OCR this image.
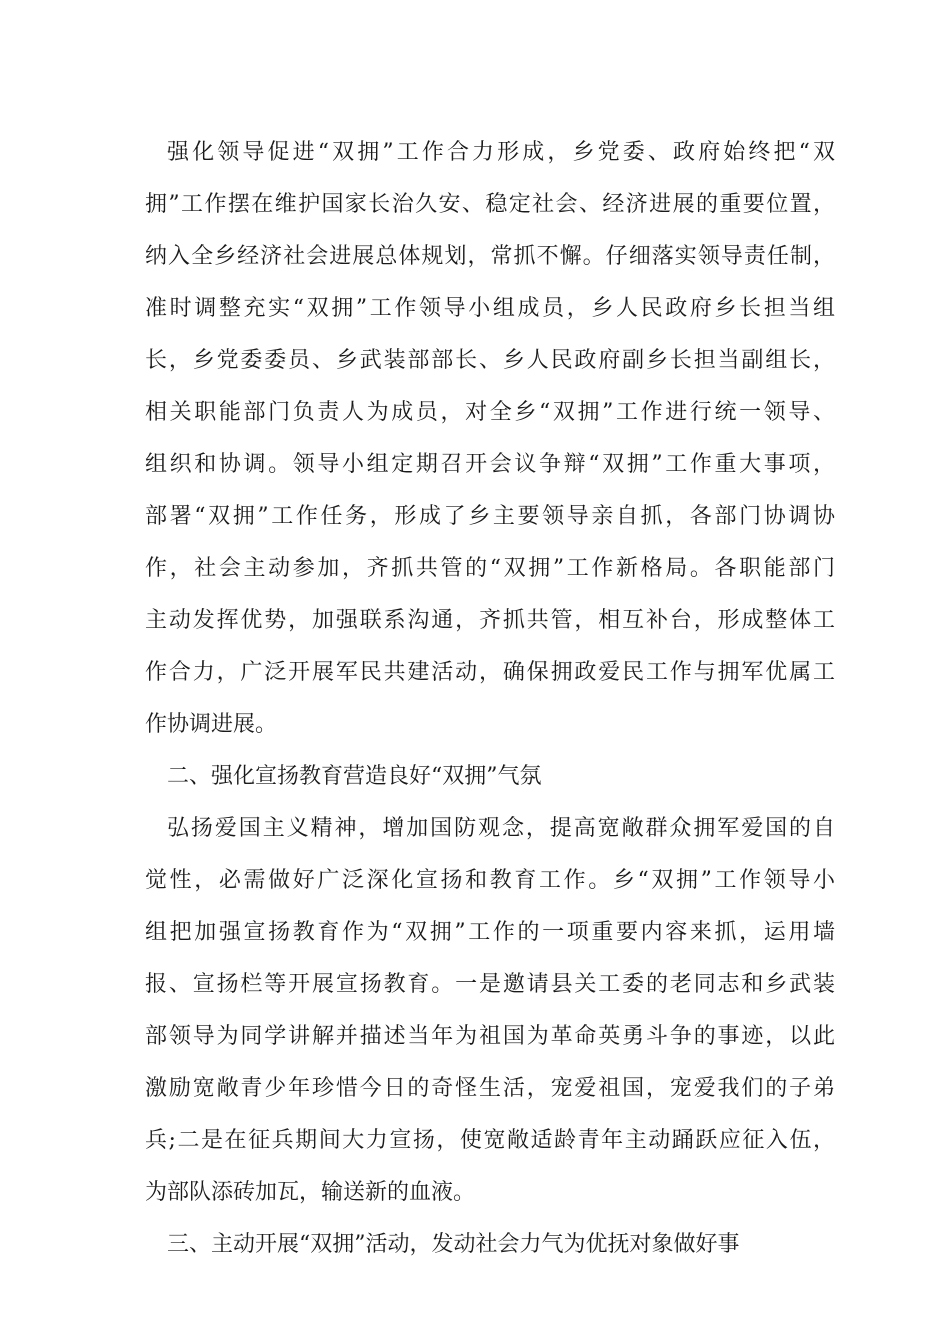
强化领导促进“双拥”工作合力形成，乡党委、政府始终把“双
拥”工作摆在维护国家长治久安、稳定社会、经济进展的重要位置，
纳入全乡经济社会进展总体规划，常抓不懈。仔细落实领导责任制，
准时调整充实“双拥”工作领导小组成员，乡人民政府乡长担当组
长，乡党委委员、乡武装部部长、乡人民政府副乡长担当副组长，
相关职能部门负责人为成员，对全乡“双拥”工作进行统一领导、
组织和协调。领导小组定期召开会议争辩“双拥”工作重大事项，
部署“双拥”工作任务，形成了乡主要领导亲自抓，各部门协调协
作，社会主动参加，齐抓共管的“双拥”工作新格局。各职能部门
主动发挥优势，加强联系沟通，齐抓共管，相互补台，形成整体工
作合力，广泛开展军民共建活动，确保拥政爱民工作与拥军优属工
作协调进展。
二、强化宣扬教育营造良好“双拥”气氛
弘扬爱国主义精神，增加国防观念，提高宽敞群众拥军爱国的自
觉性，必需做好广泛深化宣扬和教育工作。乡“双拥”工作领导小
组把加强宣扬教育作为“双拥”工作的一项重要内容来抓，运用墙
报、宣扬栏等开展宣扬教育。一是邀请县关工委的老同志和乡武装
部领导为同学讲解并描述当年为祖国为革命英勇斗争的事迹，以此
激励宽敞青少年珍惜今日的奇怪生活，宠爱祖国，宠爱我们的子弟
兵;二是在征兵期间大力宣扬，使宽敞适龄青年主动踊跃应征入伍，
为部队添砖加瓦，输送新的血液。
三、主动开展“双拥”活动，发动社会力气为优抚对象做好事
